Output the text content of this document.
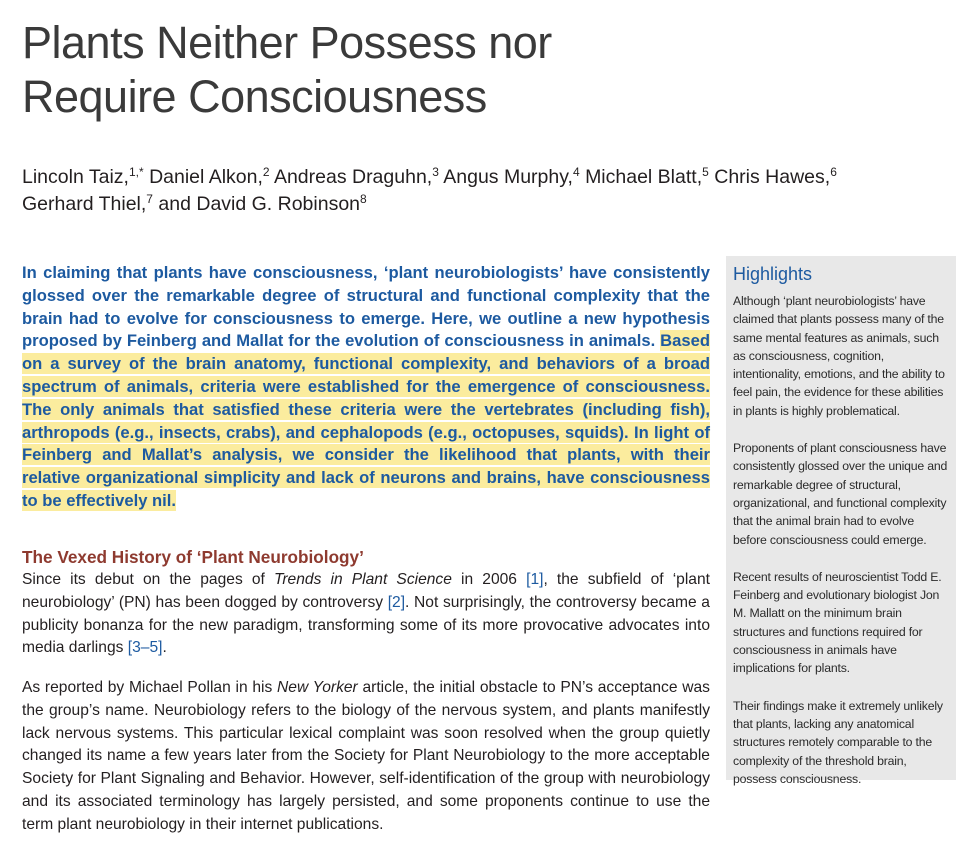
Plants Neither Possess nor
Require Consciousness
Lincoln Taiz,$^{1,*}$ Daniel Alkon,$^2$ Andreas Draguhn,$^3$ Angus Murphy,$^4$ Michael Blatt,$^5$ Chris Hawes,$^6$
Gerhard Thiel,$^7$ and David G. Robinson$^8$
In claiming that plants have consciousness, ‘plant neurobiologists’ have consistently glossed over the remarkable degree of structural and functional complexity that the brain had to evolve for consciousness to emerge. Here, we outline a new hypothesis proposed by Feinberg and Mallat for the evolution of consciousness in animals. Based on a survey of the brain anatomy, functional complexity, and behaviors of a broad spectrum of animals, criteria were established for the emergence of consciousness. The only animals that satisfied these criteria were the vertebrates (including fish), arthropods (e.g., insects, crabs), and cephalopods (e.g., octopuses, squids). In light of Feinberg and Mallat’s analysis, we consider the likelihood that plants, with their relative organizational simplicity and lack of neurons and brains, have consciousness to be effectively nil.
The Vexed History of ‘Plant Neurobiology’

Since its debut on the pages of Trends in Plant Science in 2006 [1], the subfield of ‘plant neurobiology’ (PN) has been dogged by controversy [2]. Not surprisingly, the controversy became a publicity bonanza for the new paradigm, transforming some of its more provocative advocates into media darlings [3–5].

As reported by Michael Pollan in his New Yorker article, the initial obstacle to PN’s acceptance was the group’s name. Neurobiology refers to the biology of the nervous system, and plants manifestly lack nervous systems. This particular lexical complaint was soon resolved when the group quietly changed its name a few years later from the Society for Plant Neurobiology to the more acceptable Society for Plant Signaling and Behavior. However, self-identification of the group with neurobiology and its associated terminology has largely persisted, and some proponents continue to use the term plant neurobiology in their internet publications.

Highlights

Although ‘plant neurobiologists’ have claimed that plants possess many of the same mental features as animals, such as consciousness, cognition, intentionality, emotions, and the ability to feel pain, the evidence for these abilities in plants is highly problematical.

Proponents of plant consciousness have consistently glossed over the unique and remarkable degree of structural, organizational, and functional complexity that the animal brain had to evolve before consciousness could emerge.

Recent results of neuroscientist Todd E. Feinberg and evolutionary biologist Jon M. Mallatt on the minimum brain structures and functions required for consciousness in animals have implications for plants.

Their findings make it extremely unlikely that plants, lacking any anatomical structures remotely comparable to the complexity of the threshold brain, possess consciousness.
